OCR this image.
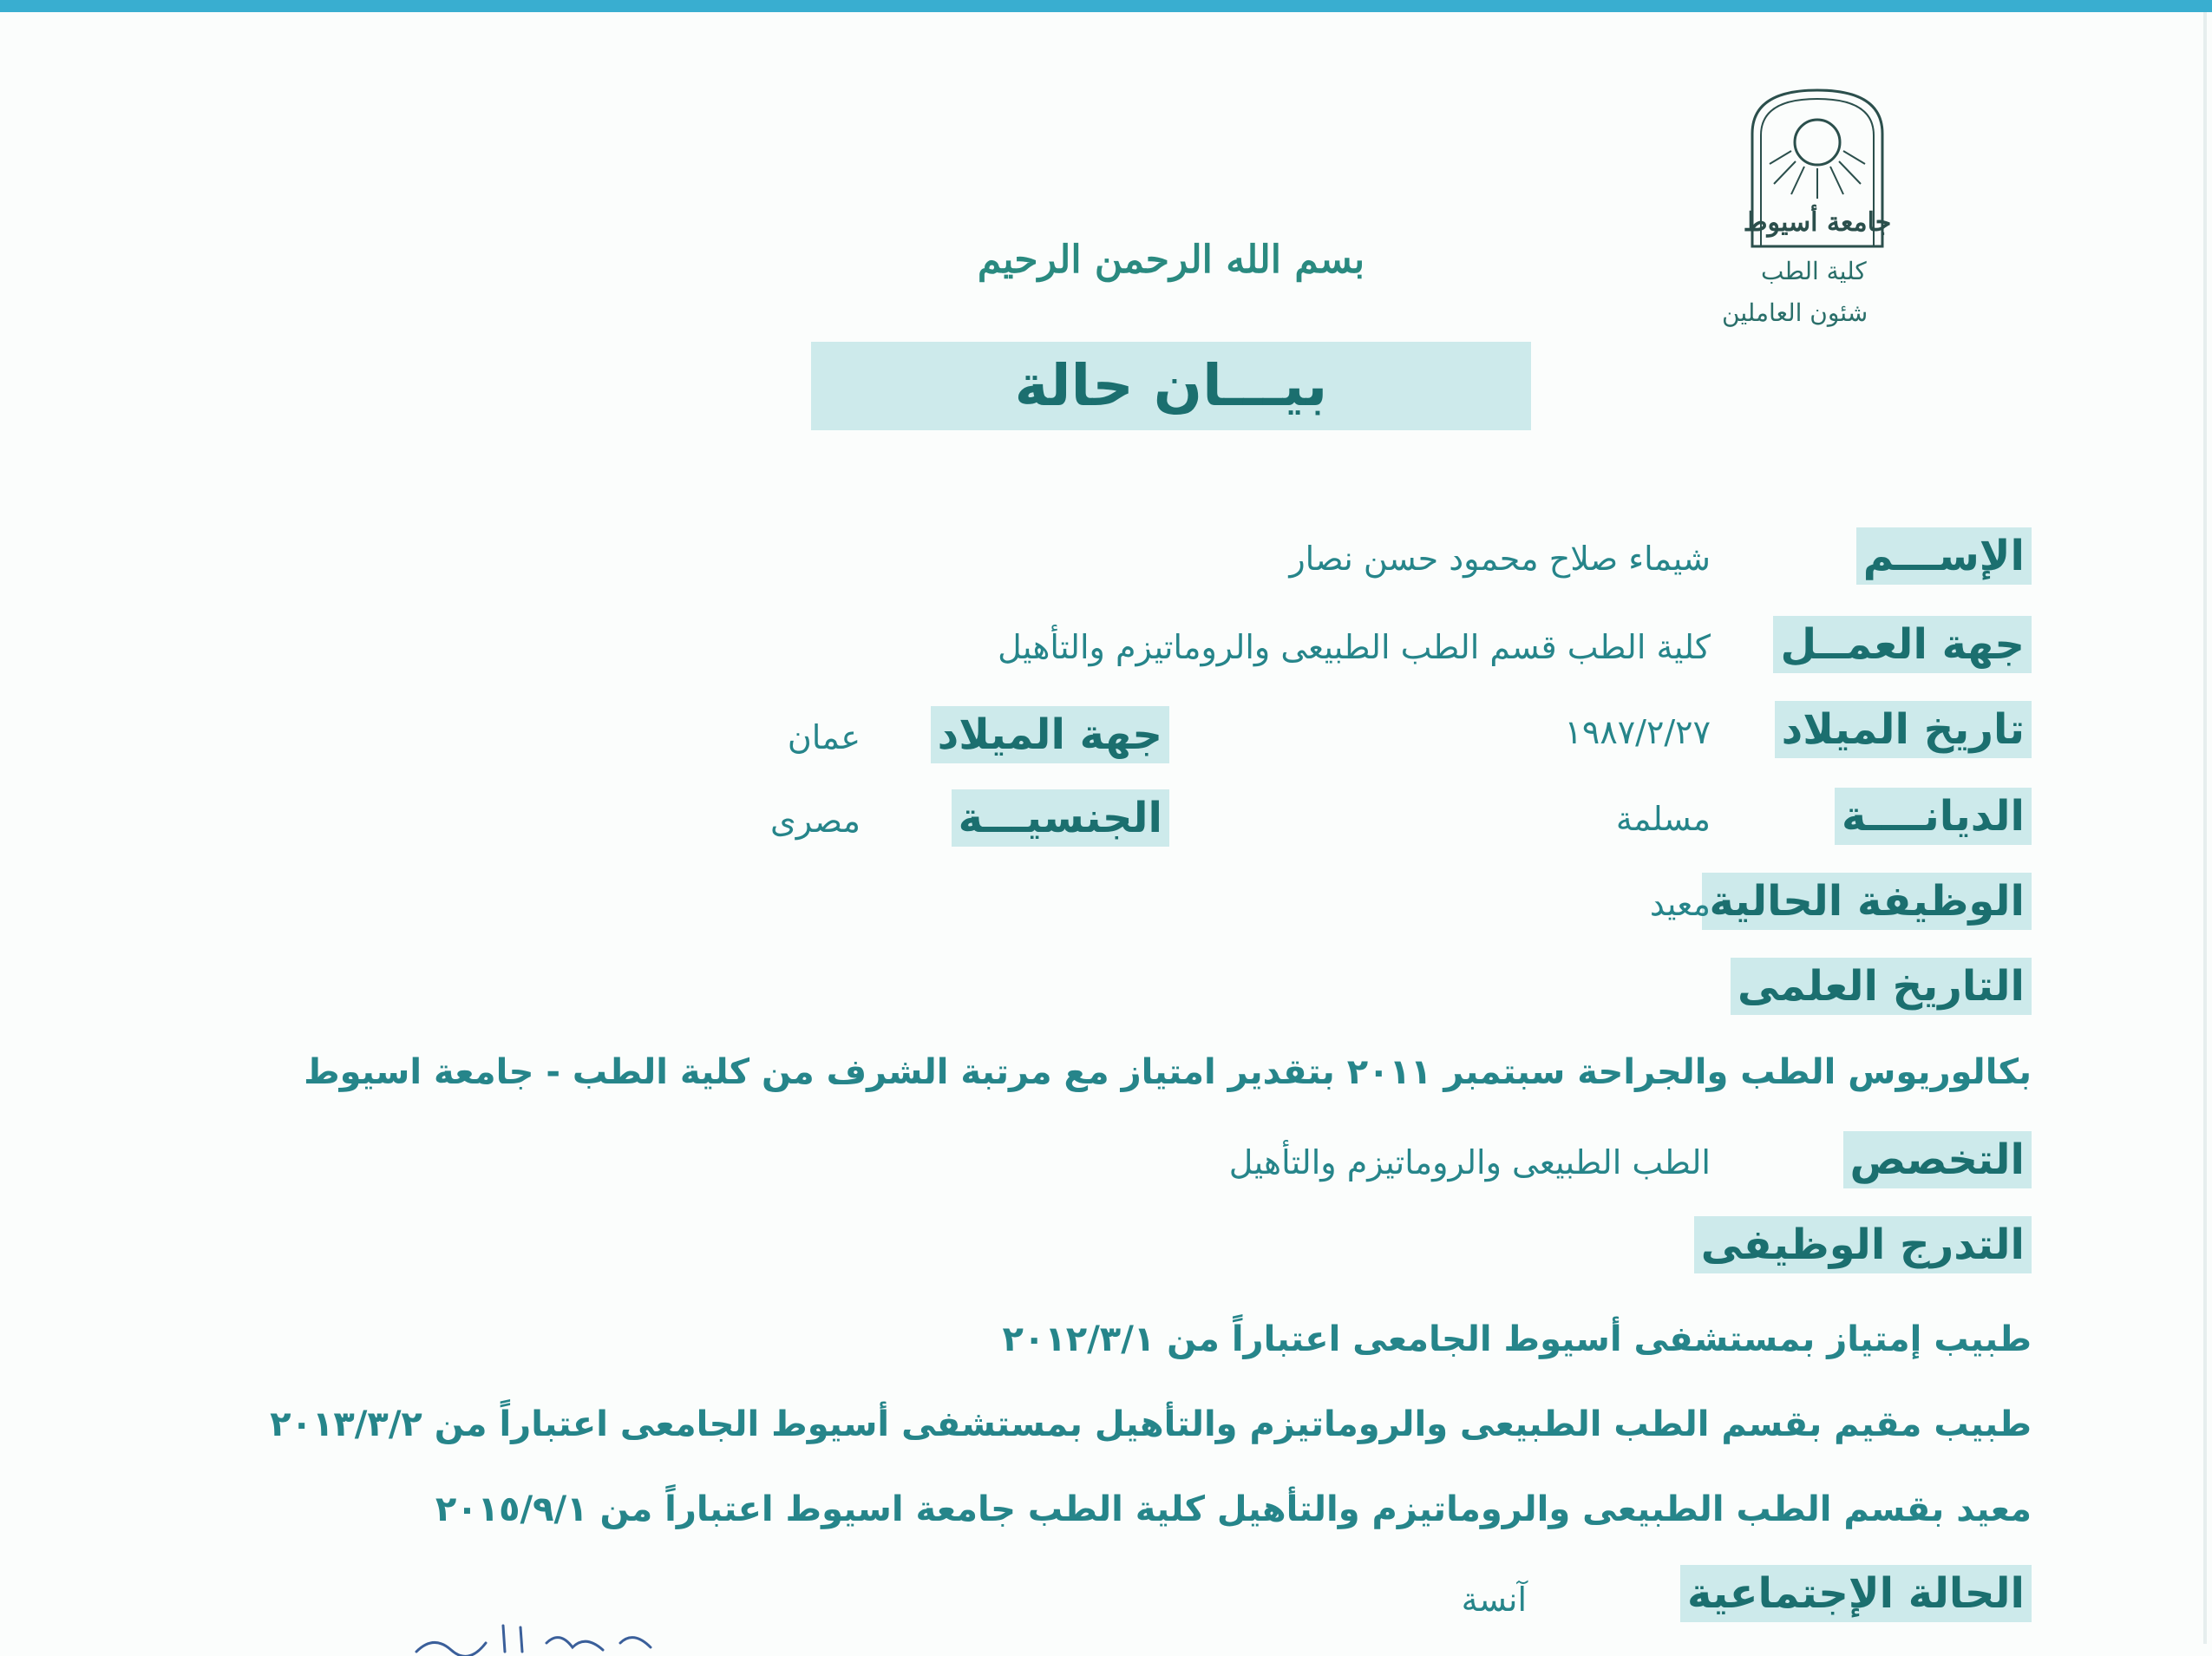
جامعة أسيوط
كلية الطب
شئون العاملين
بسم الله الرحمن الرحيم
بيـــان حالة
الإســـم
شيماء صلاح محمود حسن نصار
جهة العمــل
كلية الطب قسم الطب الطبيعى والروماتيزم والتأهيل
تاريخ الميلاد
١٩٨٧/٢/٢٧
جهة الميلاد
عمان
الديانــــة
مسلمة
الجنسيـــة
مصرى
الوظيفة الحالية
معيد
التاريخ العلمى
بكالوريوس الطب والجراحة سبتمبر ٢٠١١ بتقدير امتياز مع مرتبة الشرف من كلية الطب - جامعة اسيوط
التخصص
الطب الطبيعى والروماتيزم والتأهيل
التدرج الوظيفى
طبيب إمتياز بمستشفى أسيوط الجامعى اعتباراً من ٢٠١٢/٣/١
طبيب مقيم بقسم الطب الطبيعى والروماتيزم والتأهيل بمستشفى أسيوط الجامعى اعتباراً من ٢٠١٣/٣/٢
معيد بقسم الطب الطبيعى والروماتيزم والتأهيل كلية الطب جامعة اسيوط اعتباراً من ٢٠١٥/٩/١
الحالة الإجتماعية
آنسة
